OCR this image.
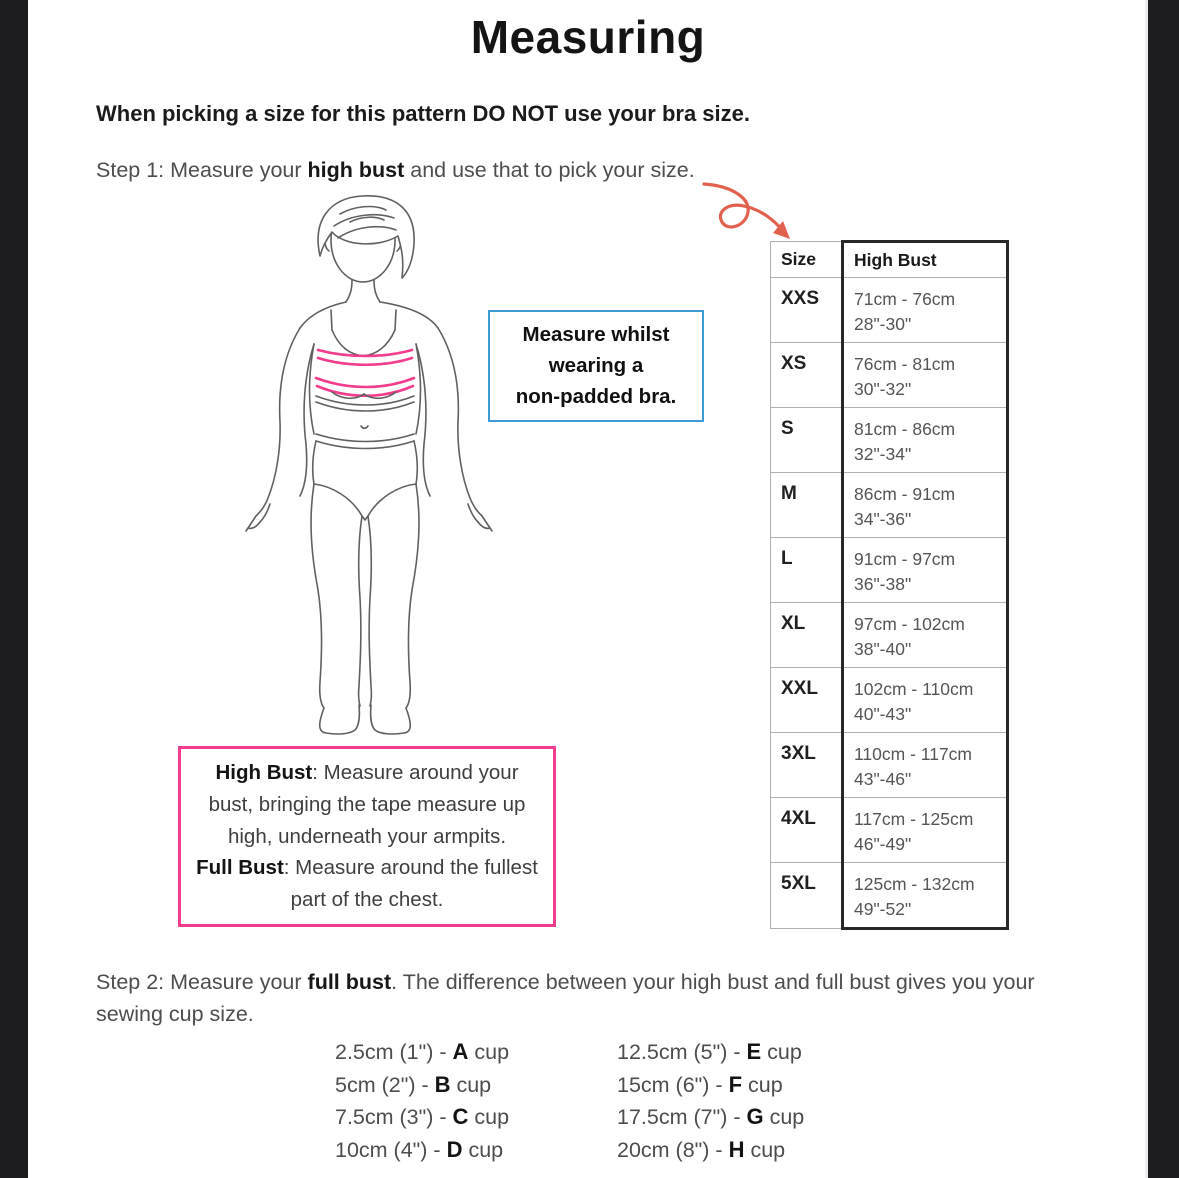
Measuring
When picking a size for this pattern DO NOT use your bra size.
Step 1: Measure your high bust and use that to pick your size.
Measure whilst
wearing a
non-padded bra.
Size	High Bust
XXS	71cm - 76cm
28"-30"

XS	76cm - 81cm
30"-32"

S	81cm - 86cm
32"-34"

M	86cm - 91cm
34"-36"

L	91cm - 97cm
36"-38"

XL	97cm - 102cm
38"-40"

XXL	102cm - 110cm
40"-43"

3XL	110cm - 117cm
43"-46"

4XL	117cm - 125cm
46"-49"

5XL	125cm - 132cm
49"-52"
High Bust: Measure around your bust, bringing the tape measure up high, underneath your armpits.
Full Bust: Measure around the fullest part of the chest.
Step 2: Measure your full bust. The difference between your high bust and full bust gives you your sewing cup size.
2.5cm (1") - A cup
5cm (2") - B cup
7.5cm (3") - C cup
10cm (4") - D cup
12.5cm (5") - E cup
15cm (6") - F cup
17.5cm (7") - G cup
20cm (8") - H cup
